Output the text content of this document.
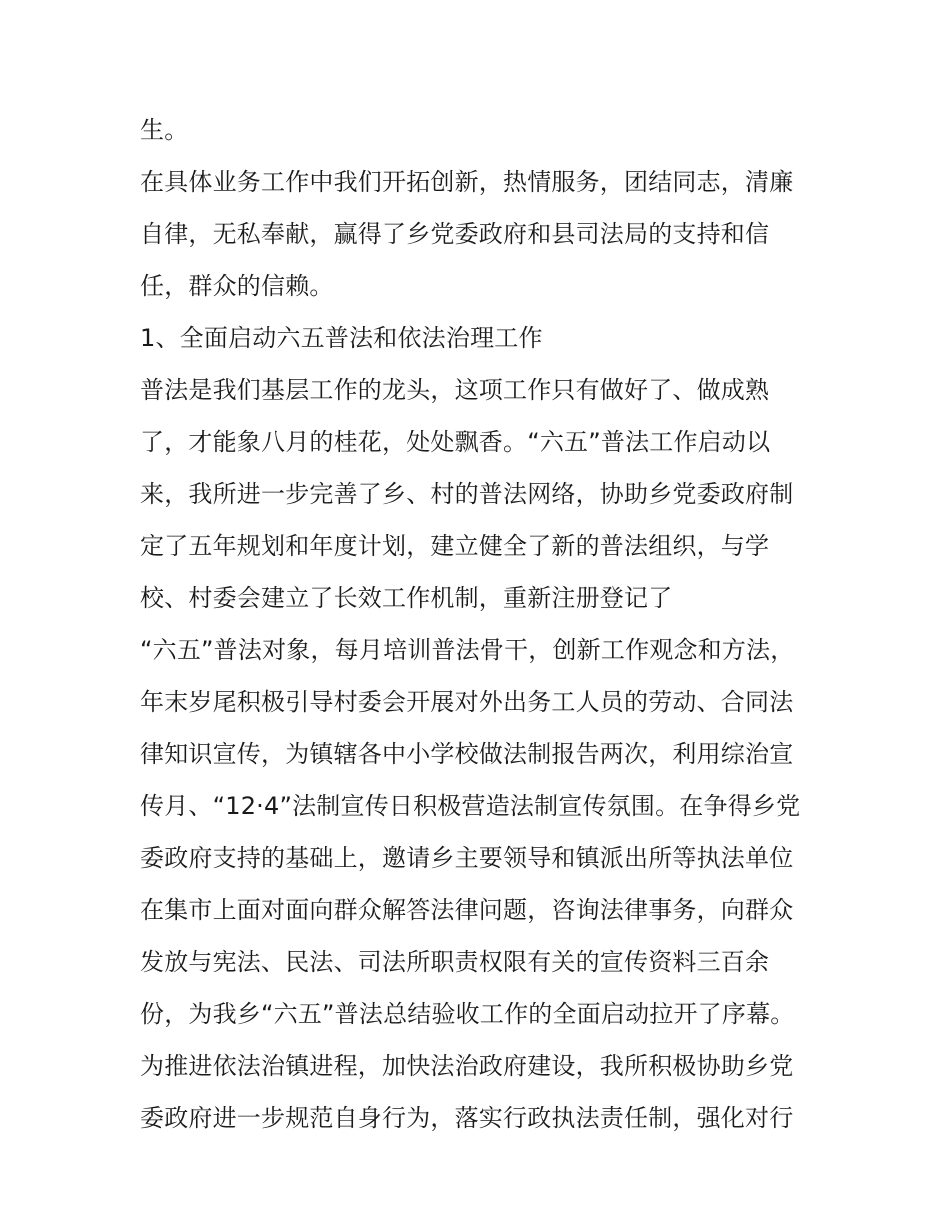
生。
在具体业务工作中我们开拓创新，热情服务，团结同志，清廉
自律，无私奉献，赢得了乡党委政府和县司法局的支持和信
任，群众的信赖。
1、全面启动六五普法和依法治理工作
普法是我们基层工作的龙头，这项工作只有做好了、做成熟
了，才能象八月的桂花，处处飘香。“六五”普法工作启动以
来，我所进一步完善了乡、村的普法网络，协助乡党委政府制
定了五年规划和年度计划，建立健全了新的普法组织，与学
校、村委会建立了长效工作机制，重新注册登记了
“六五”普法对象，每月培训普法骨干，创新工作观念和方法，
年末岁尾积极引导村委会开展对外出务工人员的劳动、合同法
律知识宣传，为镇辖各中小学校做法制报告两次，利用综治宣
传月、“12·4”法制宣传日积极营造法制宣传氛围。在争得乡党
委政府支持的基础上，邀请乡主要领导和镇派出所等执法单位
在集市上面对面向群众解答法律问题，咨询法律事务，向群众
发放与宪法、民法、司法所职责权限有关的宣传资料三百余
份，为我乡“六五”普法总结验收工作的全面启动拉开了序幕。
为推进依法治镇进程，加快法治政府建设，我所积极协助乡党
委政府进一步规范自身行为，落实行政执法责任制，强化对行
